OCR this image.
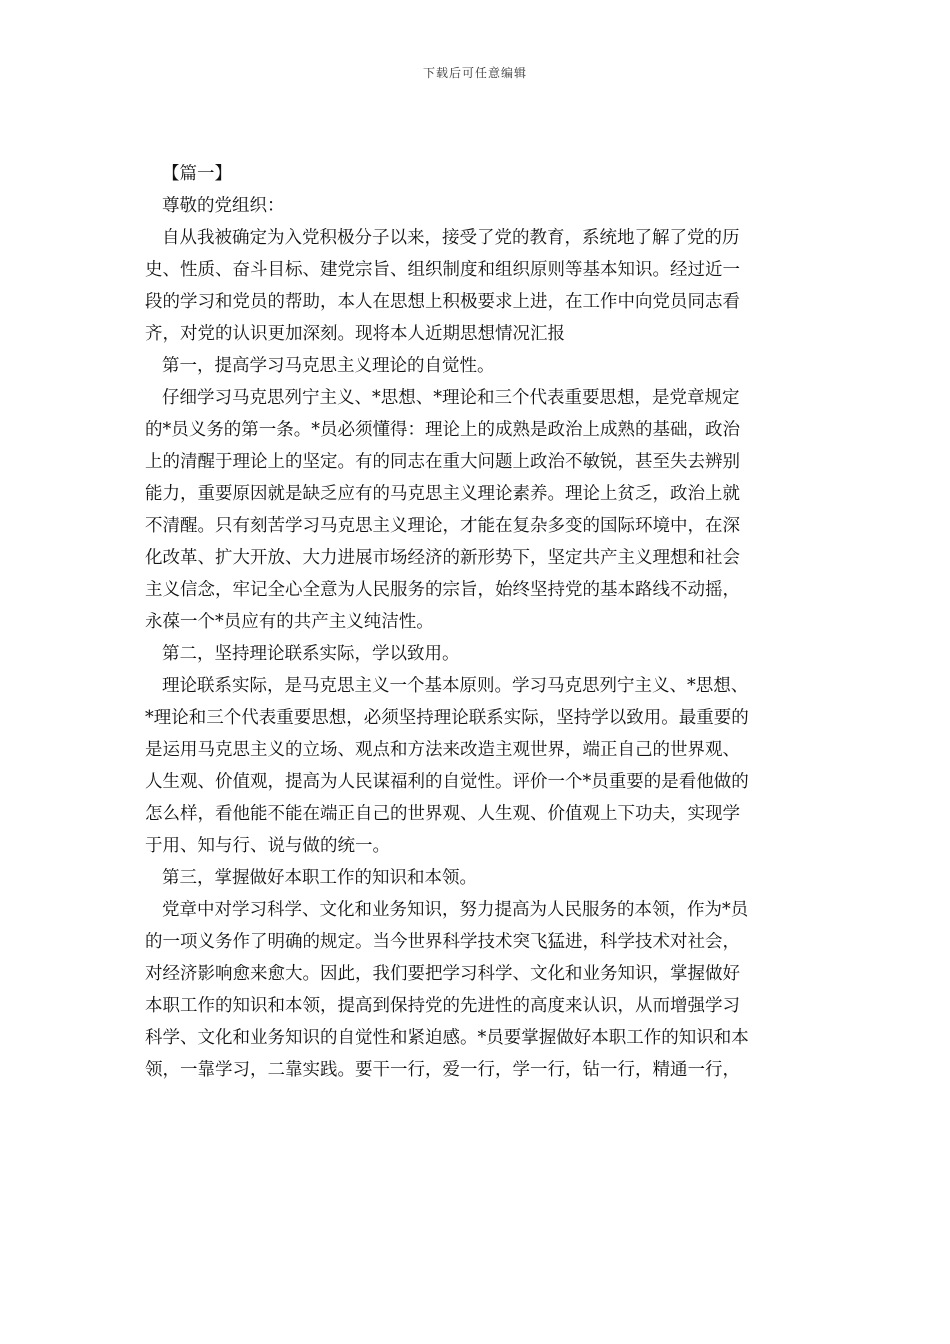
下载后可任意编辑
【篇一】
尊敬的党组织：
自从我被确定为入党积极分子以来，接受了党的教育，系统地了解了党的历
史、性质、奋斗目标、建党宗旨、组织制度和组织原则等基本知识。经过近一
段的学习和党员的帮助，本人在思想上积极要求上进，在工作中向党员同志看
齐，对党的认识更加深刻。现将本人近期思想情况汇报
第一，提高学习马克思主义理论的自觉性。
仔细学习马克思列宁主义、*思想、*理论和三个代表重要思想，是党章规定
的*员义务的第一条。*员必须懂得：理论上的成熟是政治上成熟的基础，政治
上的清醒于理论上的坚定。有的同志在重大问题上政治不敏锐，甚至失去辨别
能力，重要原因就是缺乏应有的马克思主义理论素养。理论上贫乏，政治上就
不清醒。只有刻苦学习马克思主义理论，才能在复杂多变的国际环境中，在深
化改革、扩大开放、大力进展市场经济的新形势下，坚定共产主义理想和社会
主义信念，牢记全心全意为人民服务的宗旨，始终坚持党的基本路线不动摇，
永葆一个*员应有的共产主义纯洁性。
第二，坚持理论联系实际，学以致用。
理论联系实际，是马克思主义一个基本原则。学习马克思列宁主义、*思想、
*理论和三个代表重要思想，必须坚持理论联系实际，坚持学以致用。最重要的
是运用马克思主义的立场、观点和方法来改造主观世界，端正自己的世界观、
人生观、价值观，提高为人民谋福利的自觉性。评价一个*员重要的是看他做的
怎么样，看他能不能在端正自己的世界观、人生观、价值观上下功夫，实现学
于用、知与行、说与做的统一。
第三，掌握做好本职工作的知识和本领。
党章中对学习科学、文化和业务知识，努力提高为人民服务的本领，作为*员
的一项义务作了明确的规定。当今世界科学技术突飞猛进，科学技术对社会，
对经济影响愈来愈大。因此，我们要把学习科学、文化和业务知识，掌握做好
本职工作的知识和本领，提高到保持党的先进性的高度来认识，从而增强学习
科学、文化和业务知识的自觉性和紧迫感。*员要掌握做好本职工作的知识和本
领，一靠学习，二靠实践。要干一行，爱一行，学一行，钻一行，精通一行，
